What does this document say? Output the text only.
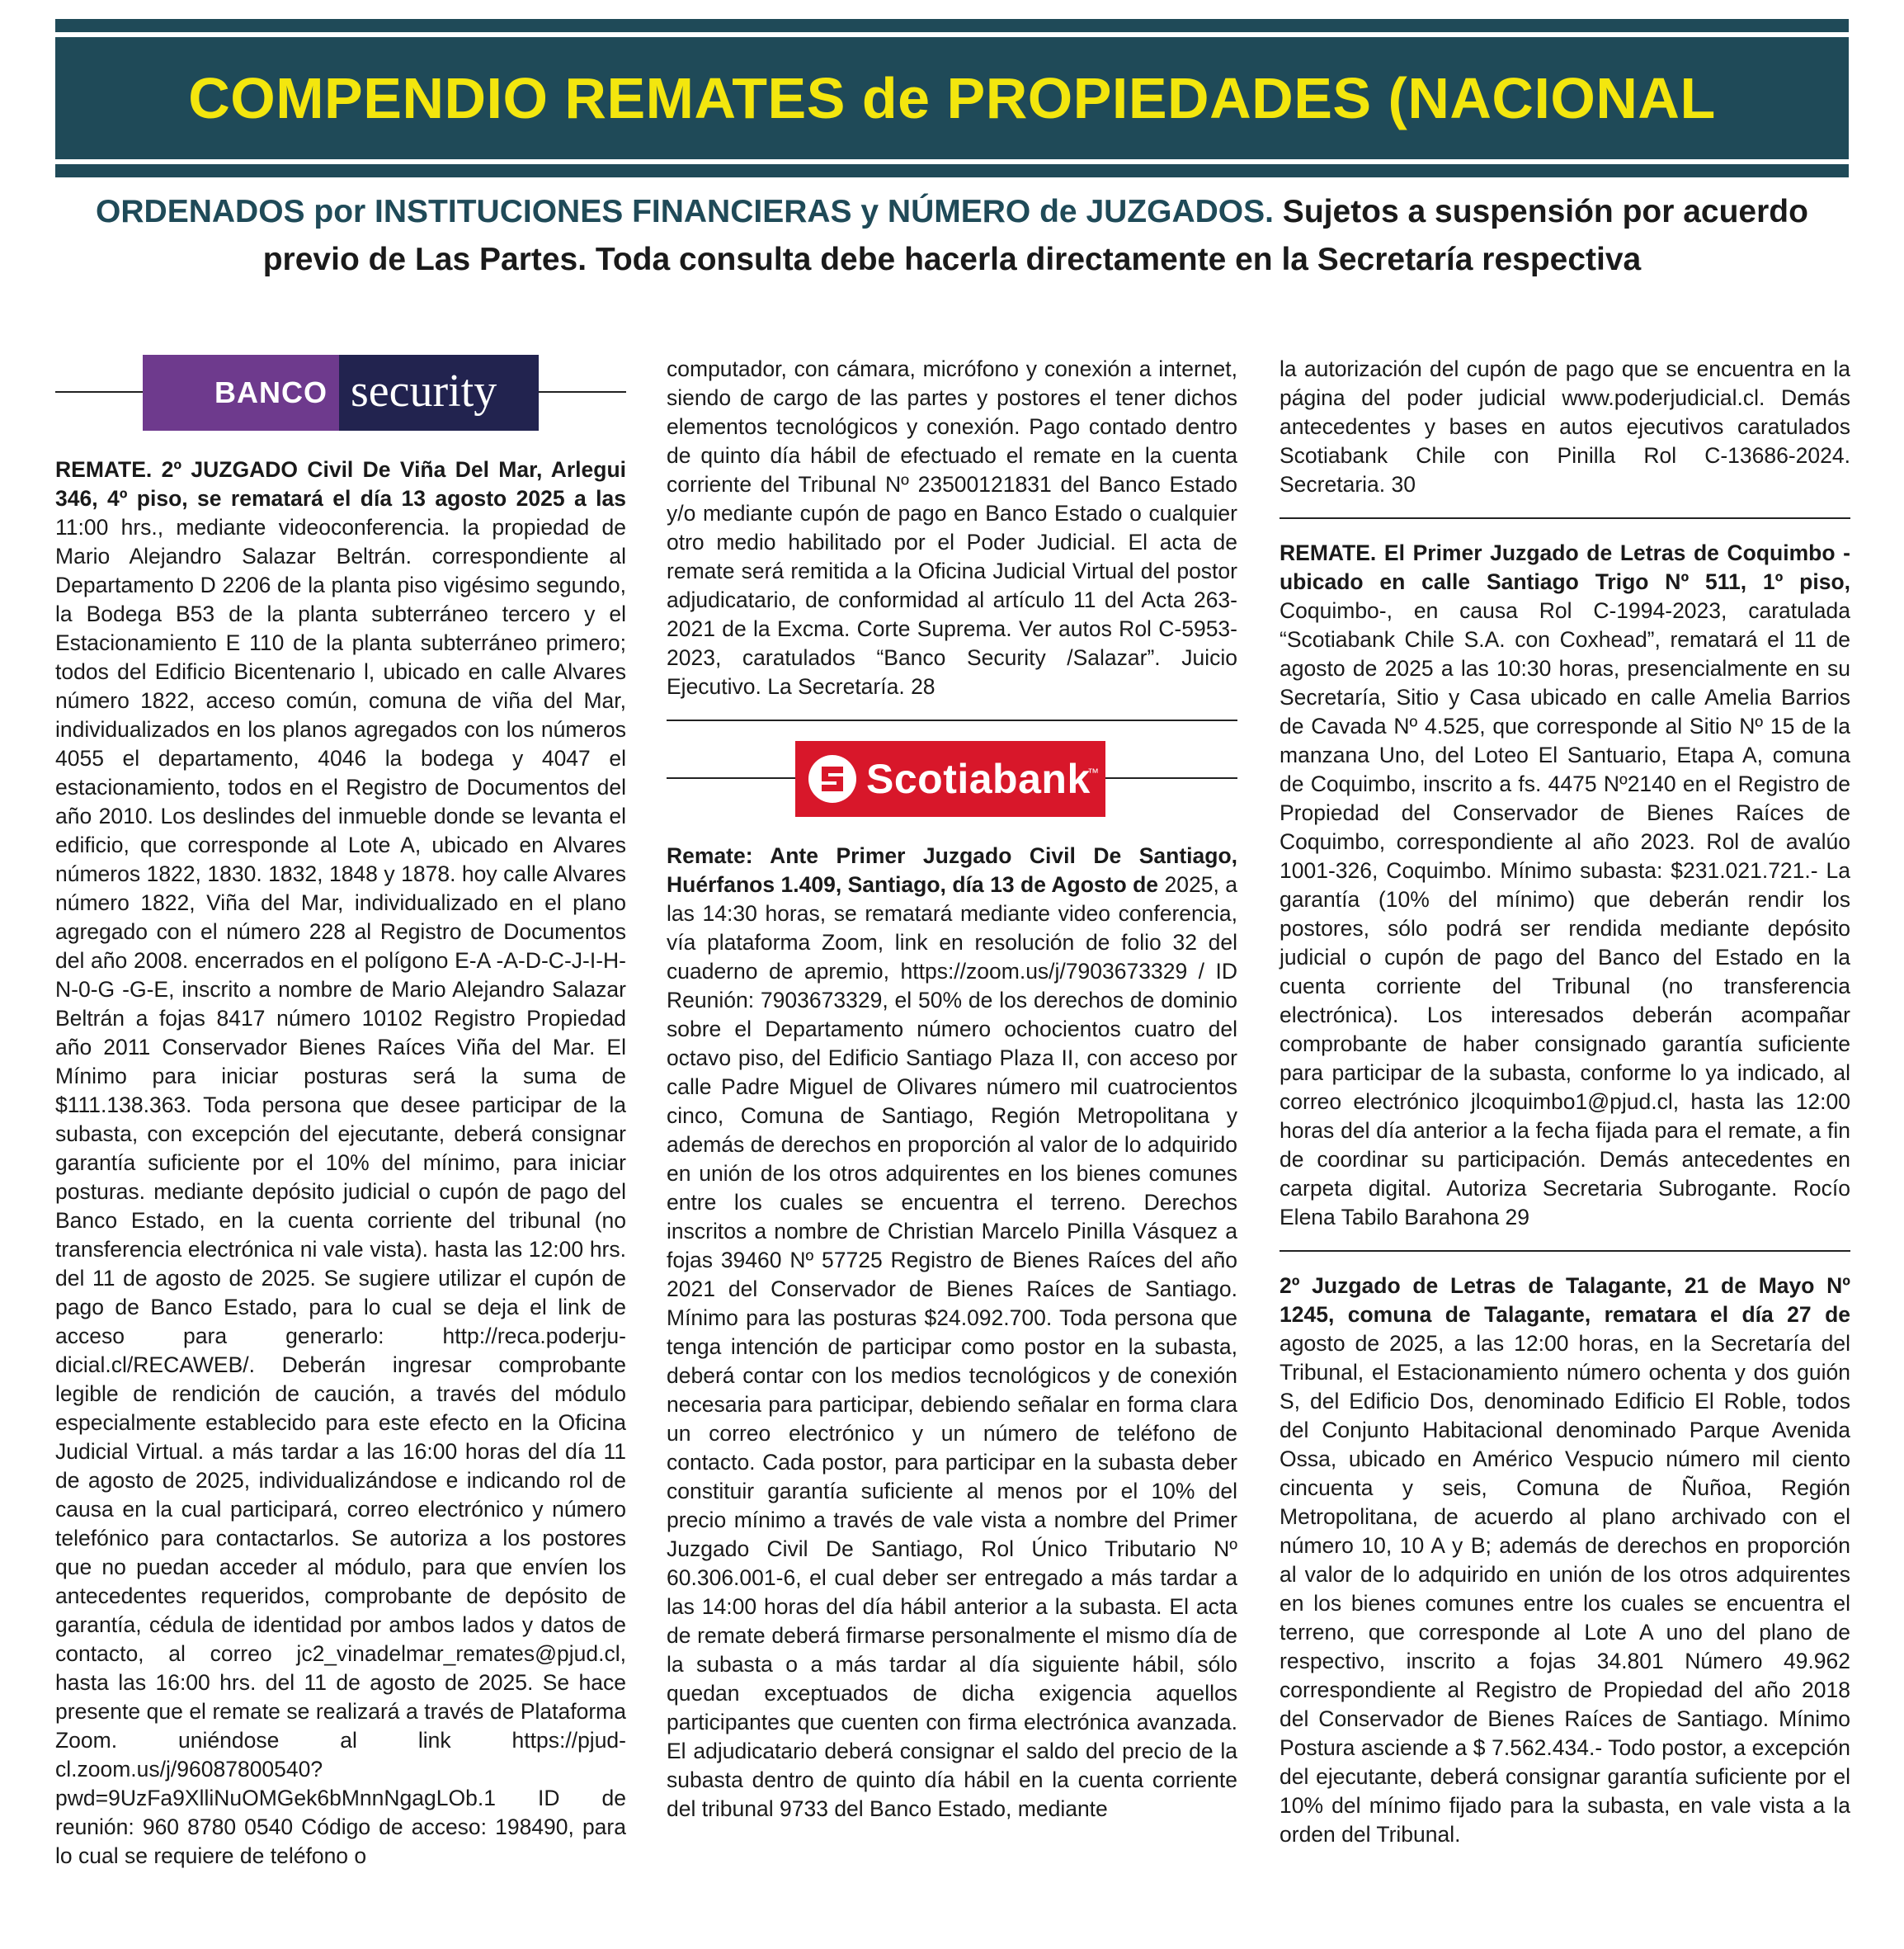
COMPENDIO REMATES de PROPIEDADES (NACIONAL
ORDENADOS por INSTITUCIONES FINANCIERAS y NÚMERO de JUZGADOS. Sujetos a suspensión por acuerdo previo de Las Partes. Toda consulta debe hacerla directamente en la Secretaría respectiva
BANCO security

REMATE. 2º JUZGADO Civil De Viña Del Mar, Arlegui 346, 4º piso, se rematará el día 13 agosto 2025 a las 11:00 hrs., mediante videoconferencia. la propiedad de Mario Alejandro Salazar Beltrán. correspondiente al Departamento D 2206 de la planta piso vigésimo segundo, la Bodega B53 de la planta subterráneo tercero y el Estacionamiento E 110 de la planta subterráneo primero; todos del Edificio Bicentenario l, ubicado en calle Alvares número 1822, acceso común, comuna de viña del Mar, individualizados en los planos agregados con los números 4055 el departamento, 4046 la bodega y 4047 el estacionamiento, todos en el Registro de Documentos del año 2010. Los deslindes del inmueble donde se levanta el edificio, que corresponde al Lote A, ubicado en Alvares números 1822, 1830. 1832, 1848 y 1878. hoy calle Alvares número 1822, Viña del Mar, individualizado en el plano agregado con el número 228 al Registro de Documentos del año 2008. encerrados en el polígono E-A -A-D-C-J-I-H-N-0-G -G-E, inscrito a nombre de Mario Alejandro Salazar Beltrán a fojas 8417 número 10102 Registro Propiedad año 2011 Conservador Bienes Raíces Viña del Mar. El Mínimo para iniciar posturas será la suma de $111.138.363. Toda persona que desee participar de la subasta, con excepción del ejecutante, deberá consignar garantía suficiente por el 10% del mínimo, para iniciar posturas. mediante depósito judicial o cupón de pago del Banco Estado, en la cuenta corriente del tribunal (no transferencia electrónica ni vale vista). hasta las 12:00 hrs. del 11 de agosto de 2025. Se sugiere utilizar el cupón de pago de Banco Estado, para lo cual se deja el link de acceso para generarlo: http://reca.poderju-dicial.cl/RECAWEB/. Deberán ingresar comprobante legible de rendición de caución, a través del módulo especialmente establecido para este efecto en la Oficina Judicial Virtual. a más tardar a las 16:00 horas del día 11 de agosto de 2025, individualizándose e indicando rol de causa en la cual participará, correo electrónico y número telefónico para contactarlos. Se autoriza a los postores que no puedan acceder al módulo, para que envíen los antecedentes requeridos, comprobante de depósito de garantía, cédula de identidad por ambos lados y datos de contacto, al correo jc2_vinadelmar_remates@pjud.cl, hasta las 16:00 hrs. del 11 de agosto de 2025. Se hace presente que el remate se realizará a través de Plataforma Zoom. uniéndose al link https://pjud-cl.zoom.us/j/96087800540?pwd=9UzFa9XlliNuOMGek6bMnnNgagLOb.1 ID de reunión: 960 8780 0540 Código de acceso: 198490, para lo cual se requiere de teléfono o

computador, con cámara, micrófono y conexión a internet, siendo de cargo de las partes y postores el tener dichos elementos tecnológicos y conexión. Pago contado dentro de quinto día hábil de efectuado el remate en la cuenta corriente del Tribunal Nº 23500121831 del Banco Estado y/o mediante cupón de pago en Banco Estado o cualquier otro medio habilitado por el Poder Judicial. El acta de remate será remitida a la Oficina Judicial Virtual del postor adjudicatario, de conformidad al artículo 11 del Acta 263-2021 de la Excma. Corte Suprema. Ver autos Rol C-5953-2023, caratulados “Banco Security /Salazar”. Juicio Ejecutivo. La Secretaría. 28

Scotiabank
™

Remate: Ante Primer Juzgado Civil De Santiago, Huérfanos 1.409, Santiago, día 13 de Agosto de 2025, a las 14:30 horas, se rematará mediante video conferencia, vía plataforma Zoom, link en resolución de folio 32 del cuaderno de apremio, https://zoom.us/j/7903673329 / ID Reunión: 7903673329, el 50% de los derechos de dominio sobre el Departamento número ochocientos cuatro del octavo piso, del Edificio Santiago Plaza II, con acceso por calle Padre Miguel de Olivares número mil cuatrocientos cinco, Comuna de Santiago, Región Metropolitana y además de derechos en proporción al valor de lo adquirido en unión de los otros adquirentes en los bienes comunes entre los cuales se encuentra el terreno. Derechos inscritos a nombre de Christian Marcelo Pinilla Vásquez a fojas 39460 Nº 57725 Registro de Bienes Raíces del año 2021 del Conservador de Bienes Raíces de Santiago. Mínimo para las posturas $24.092.700. Toda persona que tenga intención de participar como postor en la subasta, deberá contar con los medios tecnológicos y de conexión necesaria para participar, debiendo señalar en forma clara un correo electrónico y un número de teléfono de contacto. Cada postor, para participar en la subasta deber constituir garantía suficiente al menos por el 10% del precio mínimo a través de vale vista a nombre del Primer Juzgado Civil De Santiago, Rol Único Tributario Nº 60.306.001-6, el cual deber ser entregado a más tardar a las 14:00 horas del día hábil anterior a la subasta. El acta de remate deberá firmarse personalmente el mismo día de la subasta o a más tardar al día siguiente hábil, sólo quedan exceptuados de dicha exigencia aquellos participantes que cuenten con firma electrónica avanzada. El adjudicatario deberá consignar el saldo del precio de la subasta dentro de quinto día hábil en la cuenta corriente del tribunal 9733 del Banco Estado, mediante

la autorización del cupón de pago que se encuentra en la página del poder judicial www.poderjudicial.cl. Demás antecedentes y bases en autos ejecutivos caratulados Scotiabank Chile con Pinilla Rol C-13686-2024. Secretaria. 30

REMATE. El Primer Juzgado de Letras de Coquimbo -ubicado en calle Santiago Trigo Nº 511, 1º piso, Coquimbo-, en causa Rol C-1994-2023, caratulada “Scotiabank Chile S.A. con Coxhead”, rematará el 11 de agosto de 2025 a las 10:30 horas, presencialmente en su Secretaría, Sitio y Casa ubicado en calle Amelia Barrios de Cavada Nº 4.525, que corresponde al Sitio Nº 15 de la manzana Uno, del Loteo El Santuario, Etapa A, comuna de Coquimbo, inscrito a fs. 4475 Nº2140 en el Registro de Propiedad del Conservador de Bienes Raíces de Coquimbo, correspondiente al año 2023. Rol de avalúo 1001-326, Coquimbo. Mínimo subasta: $231.021.721.- La garantía (10% del mínimo) que deberán rendir los postores, sólo podrá ser rendida mediante depósito judicial o cupón de pago del Banco del Estado en la cuenta corriente del Tribunal (no transferencia electrónica). Los interesados deberán acompañar comprobante de haber consignado garantía suficiente para participar de la subasta, conforme lo ya indicado, al correo electrónico jlcoquimbo1@pjud.cl, hasta las 12:00 horas del día anterior a la fecha fijada para el remate, a fin de coordinar su participación. Demás antecedentes en carpeta digital. Autoriza Secretaria Subrogante. Rocío Elena Tabilo Barahona 29

2º Juzgado de Letras de Talagante, 21 de Mayo Nº 1245, comuna de Talagante, rematara el día 27 de agosto de 2025, a las 12:00 horas, en la Secretaría del Tribunal, el Estacionamiento número ochenta y dos guión S, del Edificio Dos, denominado Edificio El Roble, todos del Conjunto Habitacional denominado Parque Avenida Ossa, ubicado en Américo Vespucio número mil ciento cincuenta y seis, Comuna de Ñuñoa, Región Metropolitana, de acuerdo al plano archivado con el número 10, 10 A y B; además de derechos en proporción al valor de lo adquirido en unión de los otros adquirentes en los bienes comunes entre los cuales se encuentra el terreno, que corresponde al Lote A uno del plano de respectivo, inscrito a fojas 34.801 Número 49.962 correspondiente al Registro de Propiedad del año 2018 del Conservador de Bienes Raíces de Santiago. Mínimo Postura asciende a $ 7.562.434.- Todo postor, a excepción del ejecutante, deberá consignar garantía suficiente por el 10% del mínimo fijado para la subasta, en vale vista a la orden del Tribunal.
